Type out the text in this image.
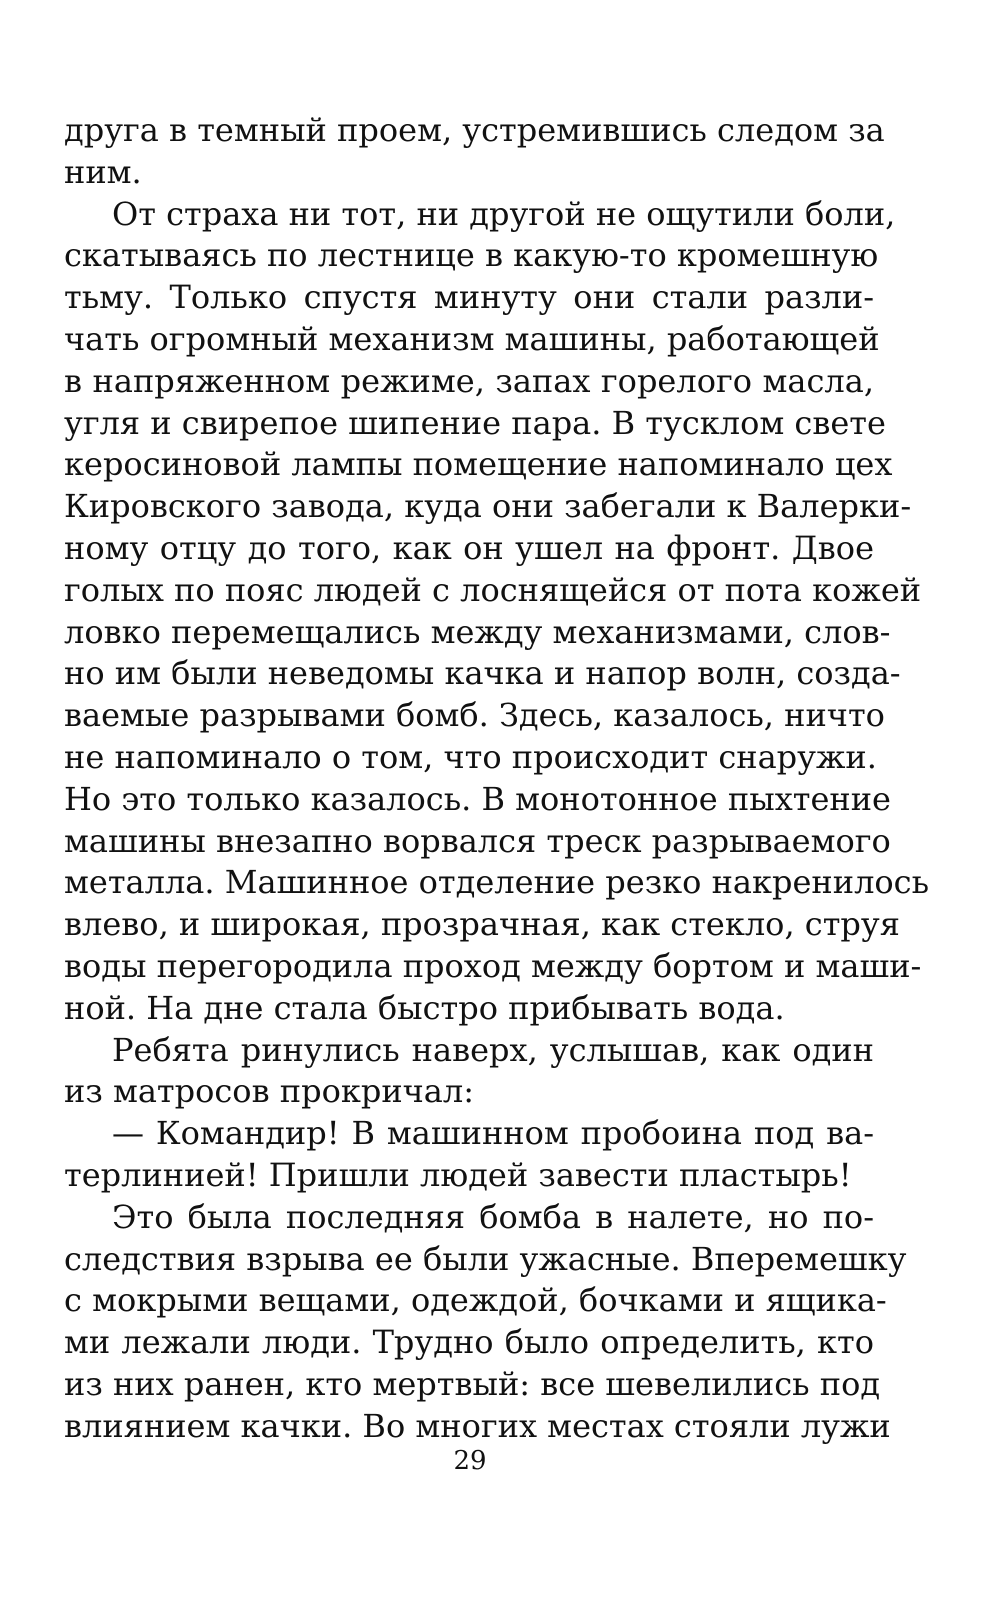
друга в темный проем, устремившись следом за
ним.
От страха ни тот, ни другой не ощутили боли,
скатываясь по лестнице в какую-то кромешную
тьму. Только спустя минуту они стали разли-
чать огромный механизм машины, работающей
в напряженном режиме, запах горелого масла,
угля и свирепое шипение пара. В тусклом свете
керосиновой лампы помещение напоминало цех
Кировского завода, куда они забегали к Валерки-
ному отцу до того, как он ушел на фронт. Двое
голых по пояс людей с лоснящейся от пота кожей
ловко перемещались между механизмами, слов-
но им были неведомы качка и напор волн, созда-
ваемые разрывами бомб. Здесь, казалось, ничто
не напоминало о том, что происходит снаружи.
Но это только казалось. В монотонное пыхтение
машины внезапно ворвался треск разрываемого
металла. Машинное отделение резко накренилось
влево, и широкая, прозрачная, как стекло, струя
воды перегородила проход между бортом и маши-
ной. На дне стала быстро прибывать вода.
Ребята ринулись наверх, услышав, как один
из матросов прокричал:
— Командир! В машинном пробоина под ва-
терлинией! Пришли людей завести пластырь!
Это была последняя бомба в налете, но по-
следствия взрыва ее были ужасные. Вперемешку
с мокрыми вещами, одеждой, бочками и ящика-
ми лежали люди. Трудно было определить, кто
из них ранен, кто мертвый: все шевелились под
влиянием качки. Во многих местах стояли лужи
29
